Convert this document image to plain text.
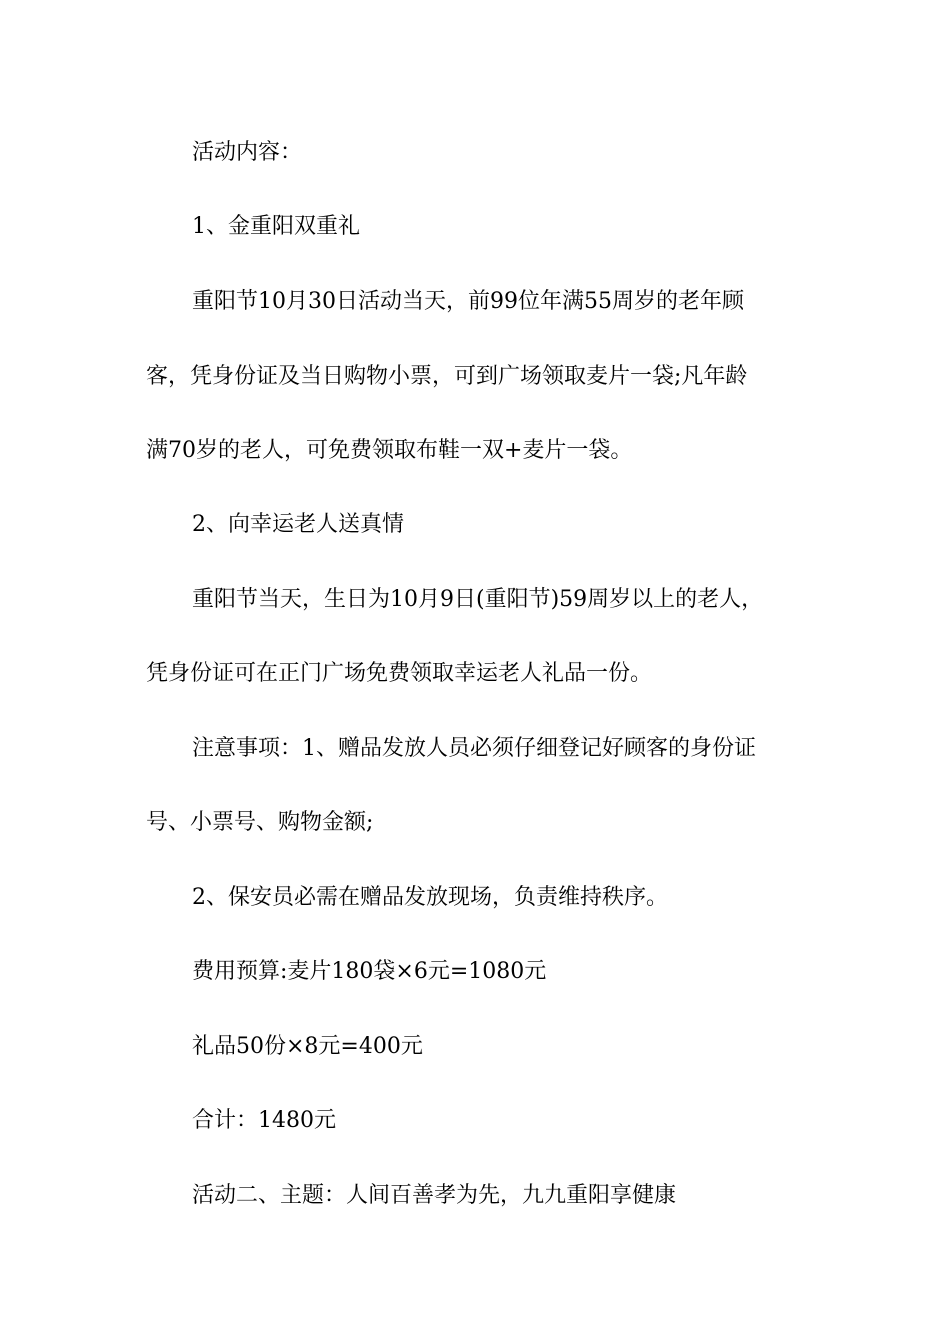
活动内容：
1、金重阳双重礼
重阳节10月30日活动当天，前99位年满55周岁的老年顾
客，凭身份证及当日购物小票，可到广场领取麦片一袋;凡年龄
满70岁的老人，可免费领取布鞋一双+麦片一袋。
2、向幸运老人送真情
重阳节当天，生日为10月9日(重阳节)59周岁以上的老人，
凭身份证可在正门广场免费领取幸运老人礼品一份。
注意事项：1、赠品发放人员必须仔细登记好顾客的身份证
号、小票号、购物金额;
2、保安员必需在赠品发放现场，负责维持秩序。
费用预算:麦片180袋×6元=1080元
礼品50份×8元=400元
合计：1480元
活动二、主题：人间百善孝为先，九九重阳享健康
